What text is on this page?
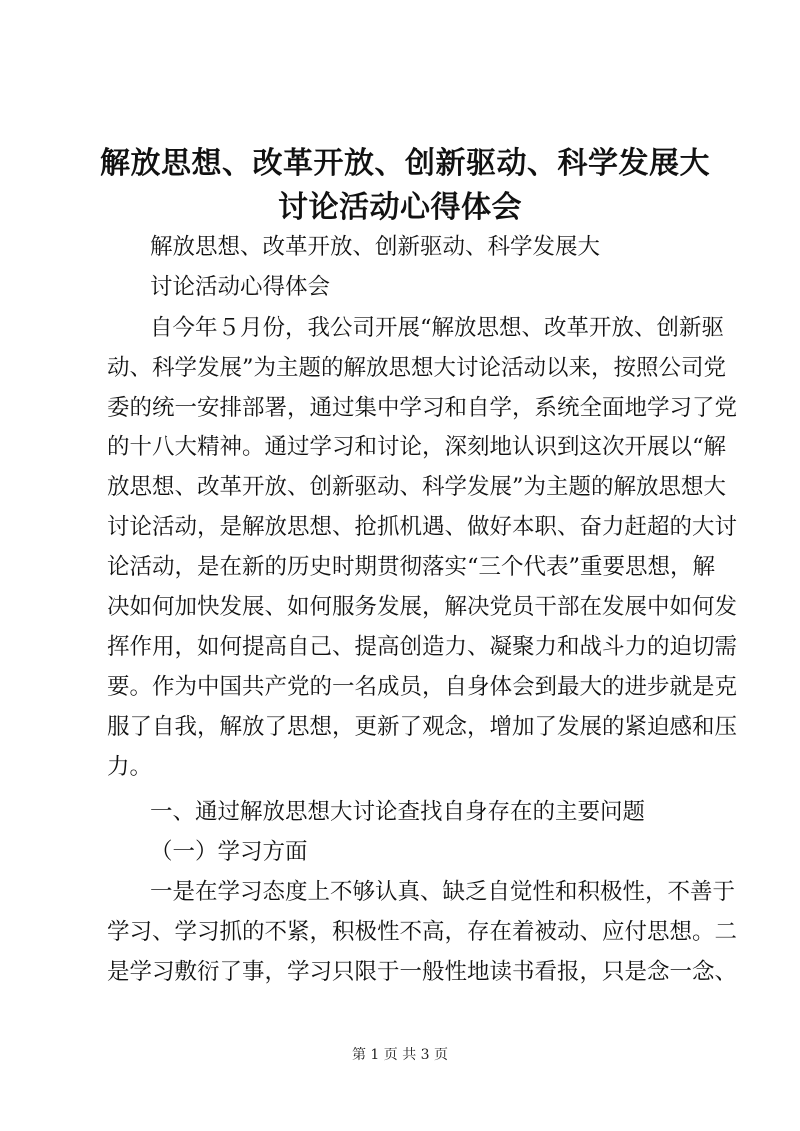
解放思想、改革开放、创新驱动、科学发展大
讨论活动心得体会
解放思想、改革开放、创新驱动、科学发展大
讨论活动心得体会
自今年５月份，我公司开展“解放思想、改革开放、创新驱
动、科学发展”为主题的解放思想大讨论活动以来，按照公司党
委的统一安排部署，通过集中学习和自学，系统全面地学习了党
的十八大精神。通过学习和讨论，深刻地认识到这次开展以“解
放思想、改革开放、创新驱动、科学发展”为主题的解放思想大
讨论活动，是解放思想、抢抓机遇、做好本职、奋力赶超的大讨
论活动，是在新的历史时期贯彻落实“三个代表”重要思想，解
决如何加快发展、如何服务发展，解决党员干部在发展中如何发
挥作用，如何提高自己、提高创造力、凝聚力和战斗力的迫切需
要。作为中国共产党的一名成员，自身体会到最大的进步就是克
服了自我，解放了思想，更新了观念，增加了发展的紧迫感和压
力。
一、通过解放思想大讨论查找自身存在的主要问题
（一）学习方面
一是在学习态度上不够认真、缺乏自觉性和积极性，不善于
学习、学习抓的不紧，积极性不高，存在着被动、应付思想。二
是学习敷衍了事，学习只限于一般性地读书看报，只是念一念、
第 1 页 共 3 页
